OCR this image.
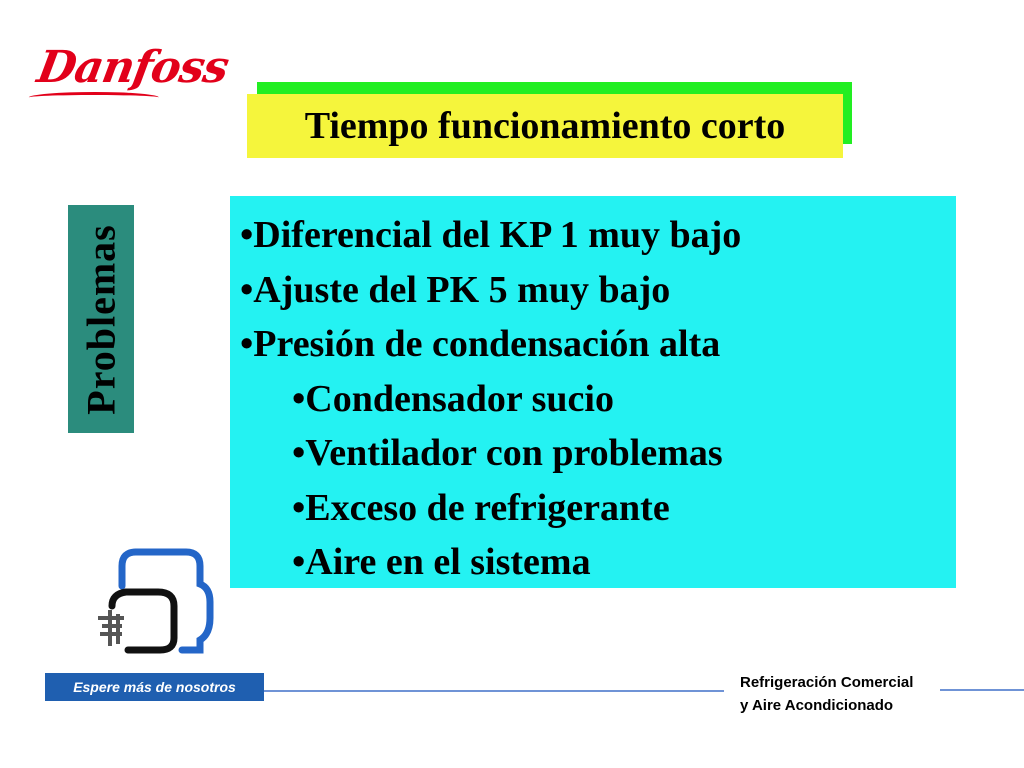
Danfoss
Tiempo funcionamiento corto
Problemas	•Diferencial del KP 1 muy bajo
•Ajuste del PK 5 muy bajo
•Presión de condensación alta
•Condensador sucio
•Ventilador con problemas
•Exceso de refrigerante
•Aire en el sistema
Espere más de nosotros	Refrigeración Comercial
y Aire Acondicionado
